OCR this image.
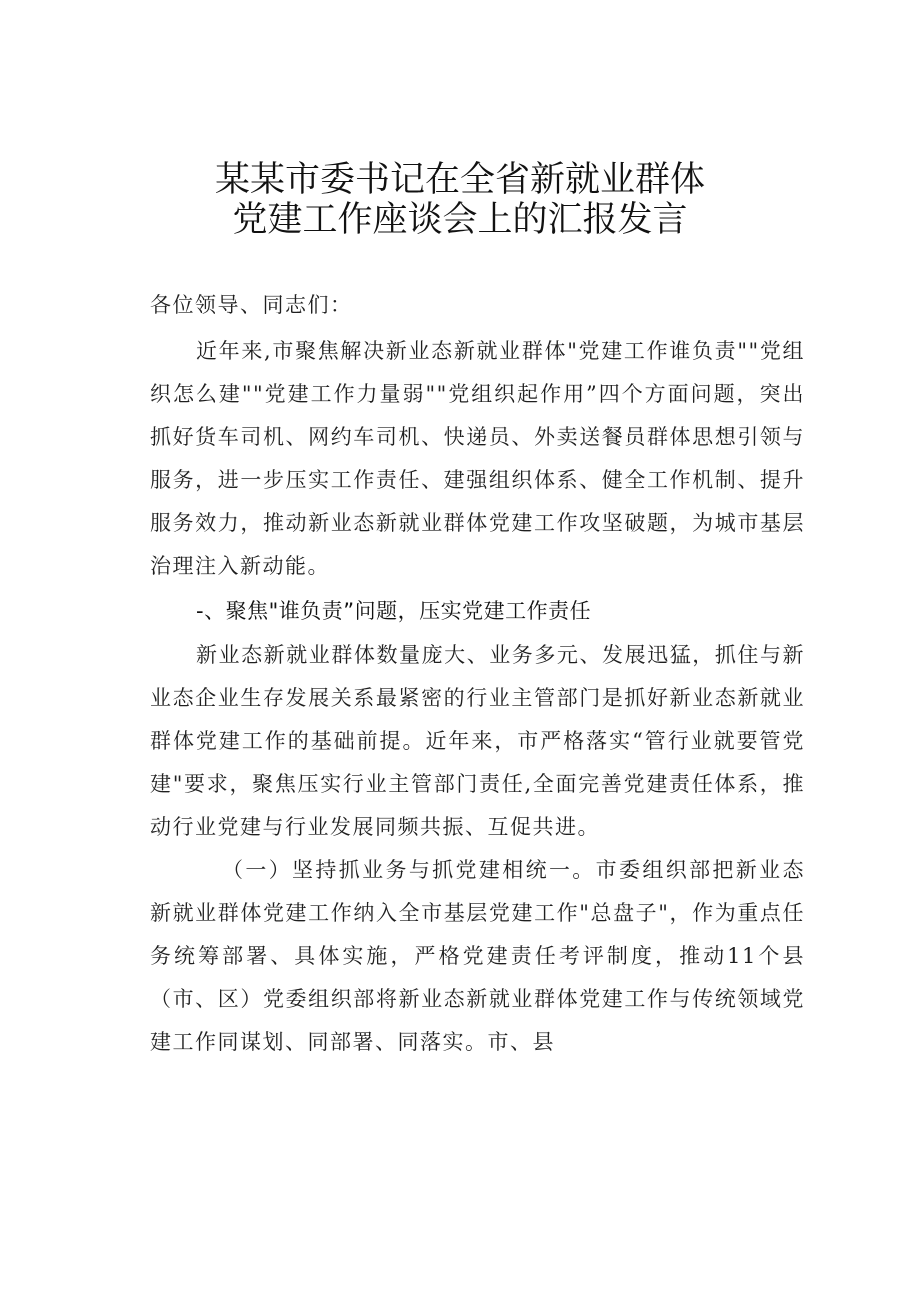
某某市委书记在全省新就业群体
党建工作座谈会上的汇报发言
各位领导、同志们：
近年来,市聚焦解决新业态新就业群体"党建工作谁负责""党组织怎么建""党建工作力量弱""党组织起作用”四个方面问题，突出抓好货车司机、网约车司机、快递员、外卖送餐员群体思想引领与服务，进一步压实工作责任、建强组织体系、健全工作机制、提升服务效力，推动新业态新就业群体党建工作攻坚破题，为城市基层治理注入新动能。
-、聚焦"谁负责”问题，压实党建工作责任
新业态新就业群体数量庞大、业务多元、发展迅猛，抓住与新业态企业生存发展关系最紧密的行业主管部门是抓好新业态新就业群体党建工作的基础前提。近年来，市严格落实“管行业就要管党建"要求，聚焦压实行业主管部门责任,全面完善党建责任体系，推动行业党建与行业发展同频共振、互促共进。
（一）坚持抓业务与抓党建相统一。市委组织部把新业态新就业群体党建工作纳入全市基层党建工作"总盘子"，作为重点任务统筹部署、具体实施，严格党建责任考评制度，推动11个县（市、区）党委组织部将新业态新就业群体党建工作与传统领域党建工作同谋划、同部署、同落实。市、县
